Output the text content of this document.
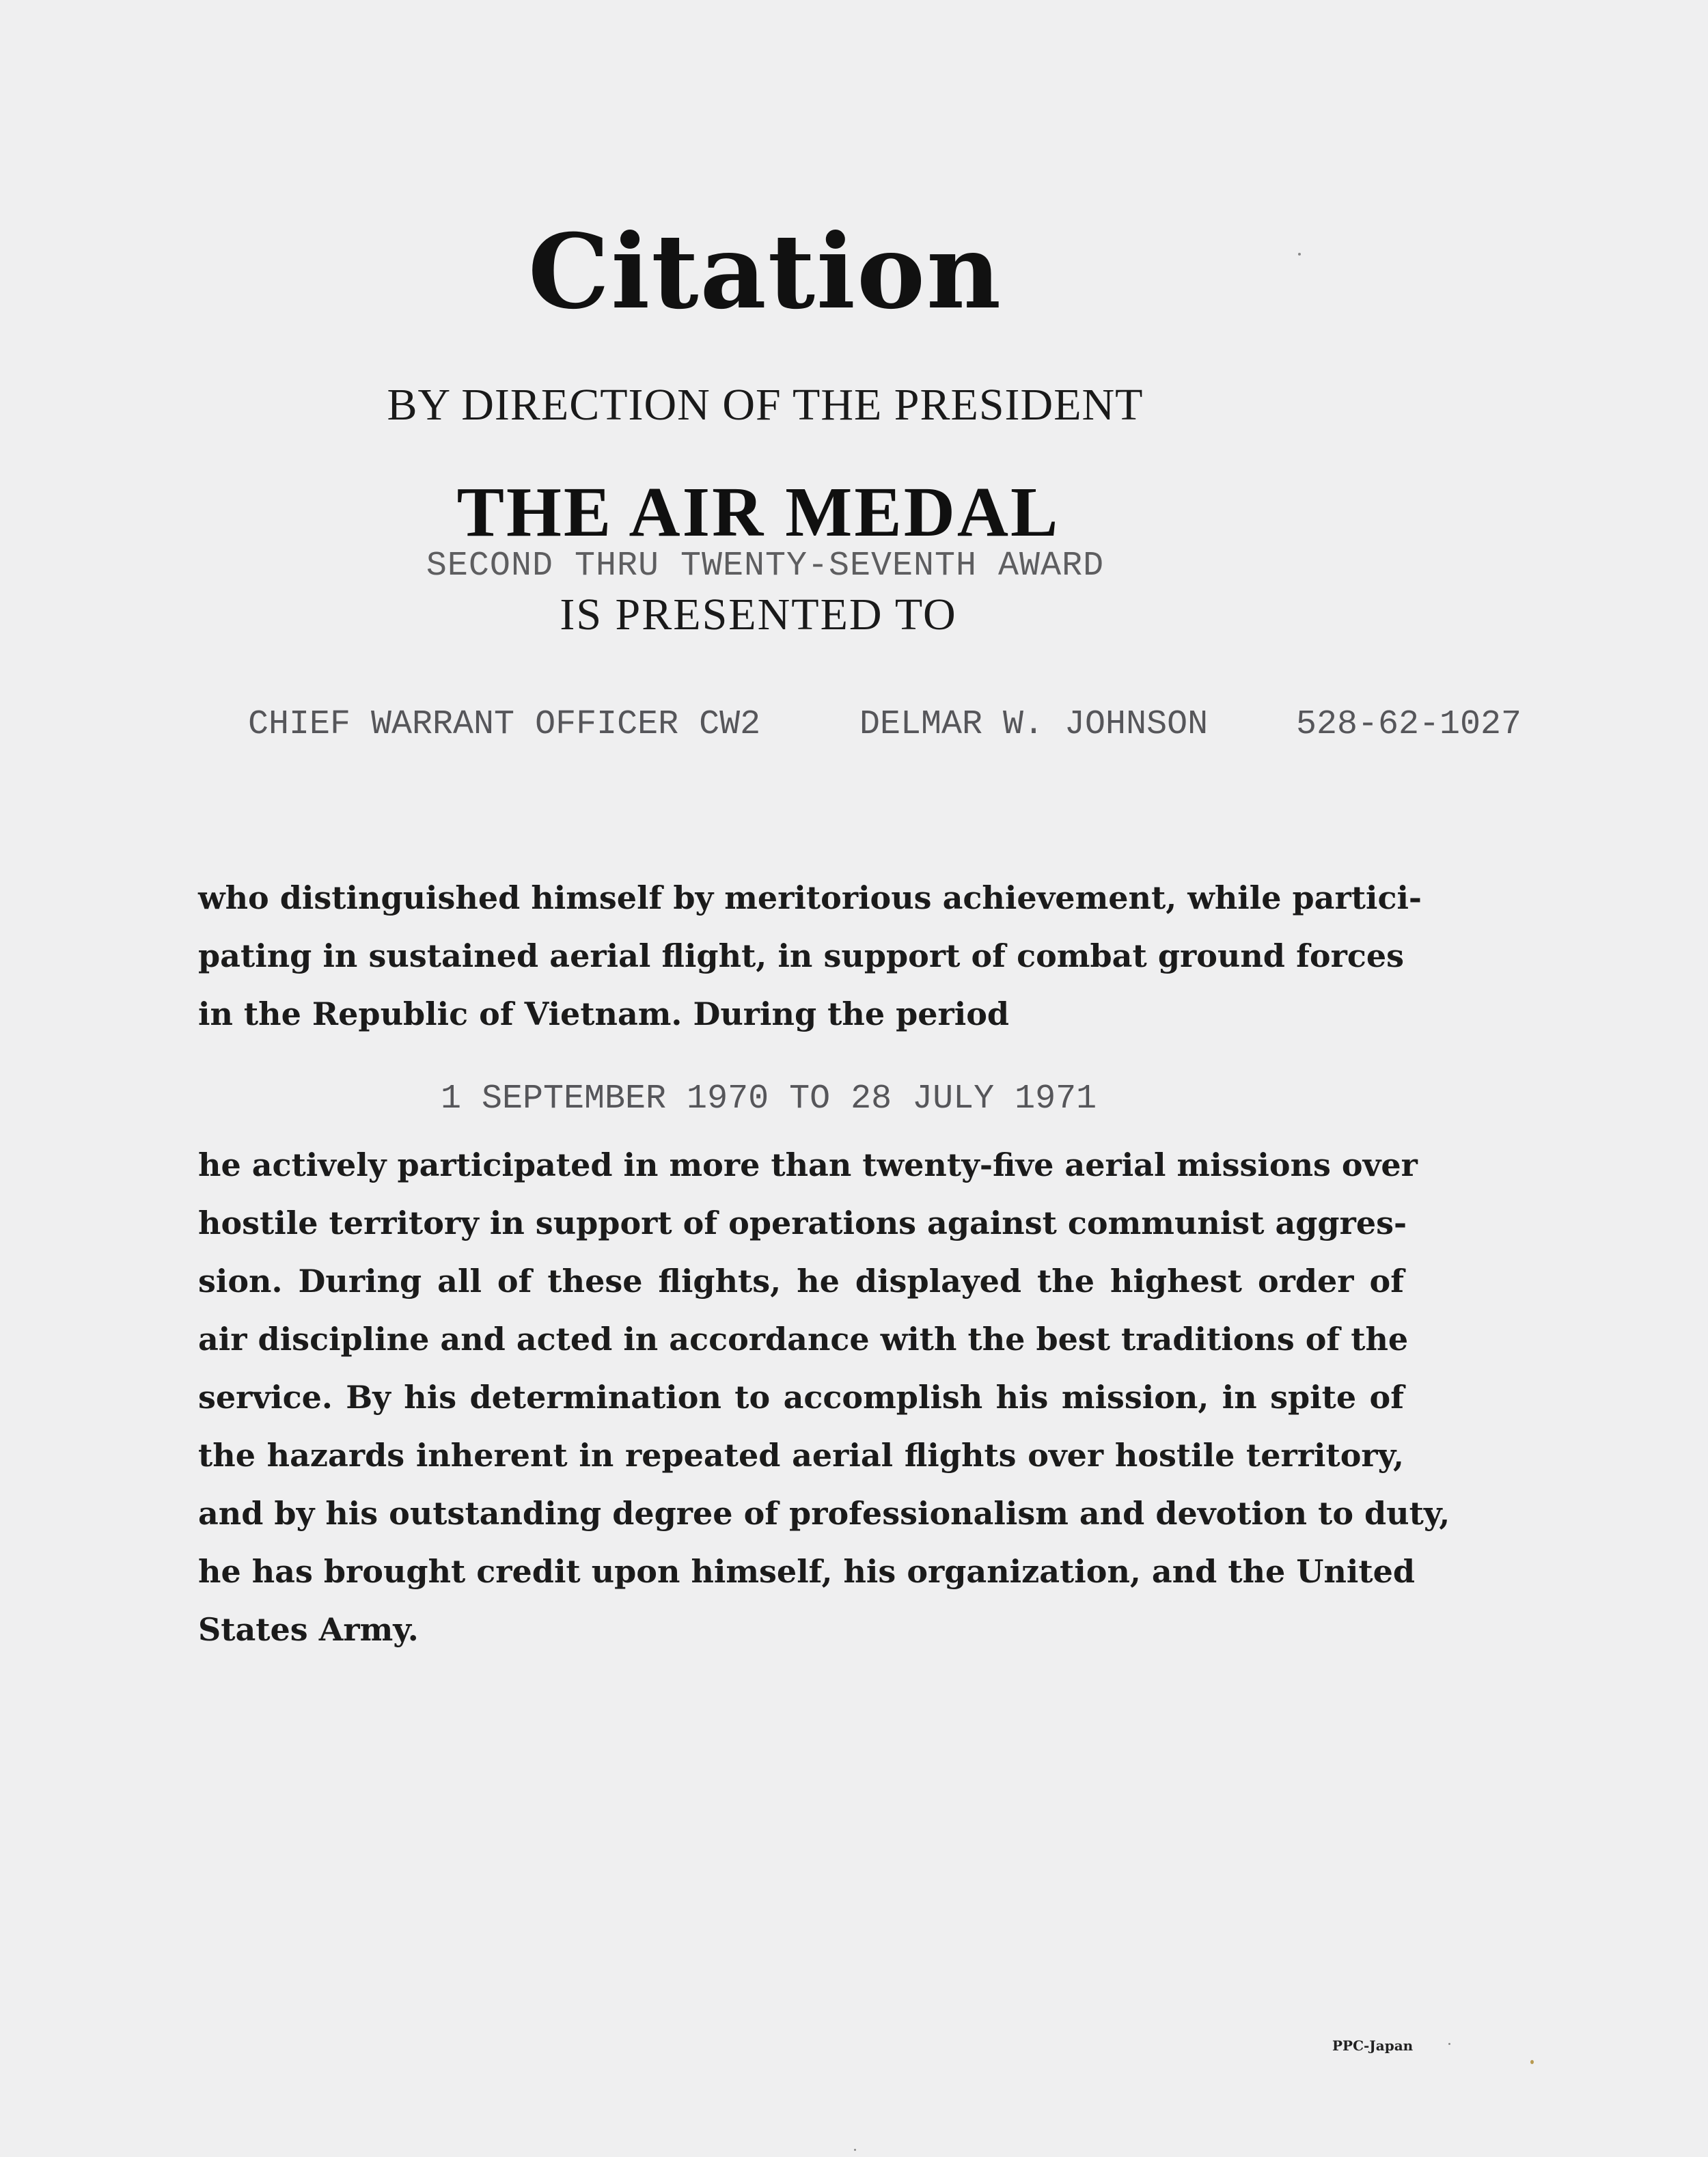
Citation
BY DIRECTION OF THE PRESIDENT
THE AIR MEDAL
SECOND THRU TWENTY-SEVENTH AWARD
IS PRESENTED TO
CHIEF WARRANT OFFICER CW2	DELMAR W. JOHNSON	528-62-1027
who distinguished himself by meritorious achievement, while partici-
pating in sustained aerial flight, in support of combat ground forces
in the Republic of Vietnam. During the period
1 SEPTEMBER 1970 TO 28 JULY 1971
he actively participated in more than twenty-five aerial missions over
hostile territory in support of operations against communist aggres-
sion. During all of these flights, he displayed the highest order of
air discipline and acted in accordance with the best traditions of the
service. By his determination to accomplish his mission, in spite of
the hazards inherent in repeated aerial flights over hostile territory,
and by his outstanding degree of professionalism and devotion to duty,
he has brought credit upon himself, his organization, and the United
States Army.
PPC-Japan
